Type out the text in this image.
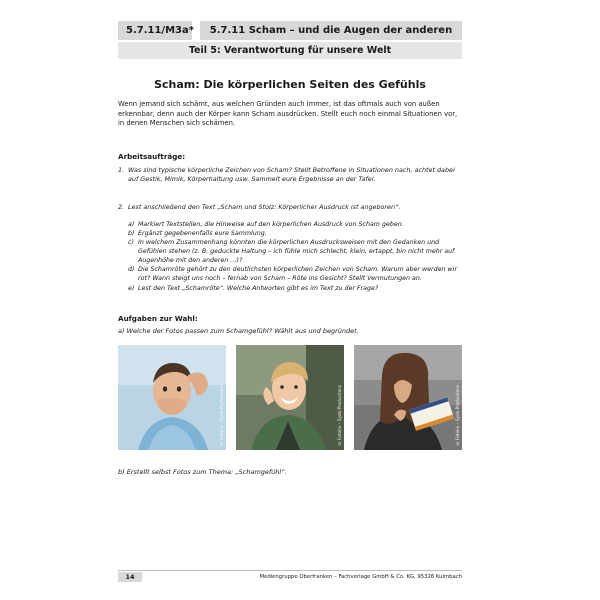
5.7.11/M3a*	5.7.11 Scham – und die Augen der anderen
Teil 5: Verantwortung für unsere Welt
Scham: Die körperlichen Seiten des Gefühls
Wenn jemand sich schämt, aus welchen Gründen auch immer, ist das oftmals auch von außen erkennbar, denn auch der Körper kann Scham ausdrücken. Stellt euch noch einmal Situationen vor, in denen Menschen sich schämen.
Arbeitsaufträge:
1. Was sind typische körperliche Zeichen von Scham? Stellt Betroffene in Situationen nach, achtet dabei auf Gestik, Mimik, Körperhaltung usw. Sammelt eure Ergebnisse an der Tafel.
2. Lest anschließend den Text „Scham und Stolz: Körperlicher Ausdruck ist angeboren“.
a) Markiert Textstellen, die Hinweise auf den körperlichen Ausdruck von Scham geben.
b) Ergänzt gegebenenfalls eure Sammlung.
c) In welchem Zusammenhang könnten die körperlichen Ausdrucksweisen mit den Gedanken und Gefühlen stehen (z. B. geduckte Haltung – ich fühle mich schlecht, klein, ertappt, bin nicht mehr auf Augenhöhe mit den anderen …)?
d) Die Schamröte gehört zu den deutlichsten körperlichen Zeichen von Scham. Warum aber werden wir rot? Wann steigt uns noch – fernab von Scham – Röte ins Gesicht? Stellt Vermutungen an.
e) Lest den Text „Schamröte“. Welche Antworten gibt es im Text zu der Frage?
Aufgaben zur Wahl:
a) Welche der Fotos passen zum Schamgefühl? Wählt aus und begründet.
© Fotolia – Syda Productions	© Fotolia – Syda Productions	© Fotolia – Syda Productions
b) Erstellt selbst Fotos zum Thema: „Schamgefühl“.
14	Mediengruppe Oberfranken – Fachverlage GmbH & Co. KG, 95326 Kulmbach
